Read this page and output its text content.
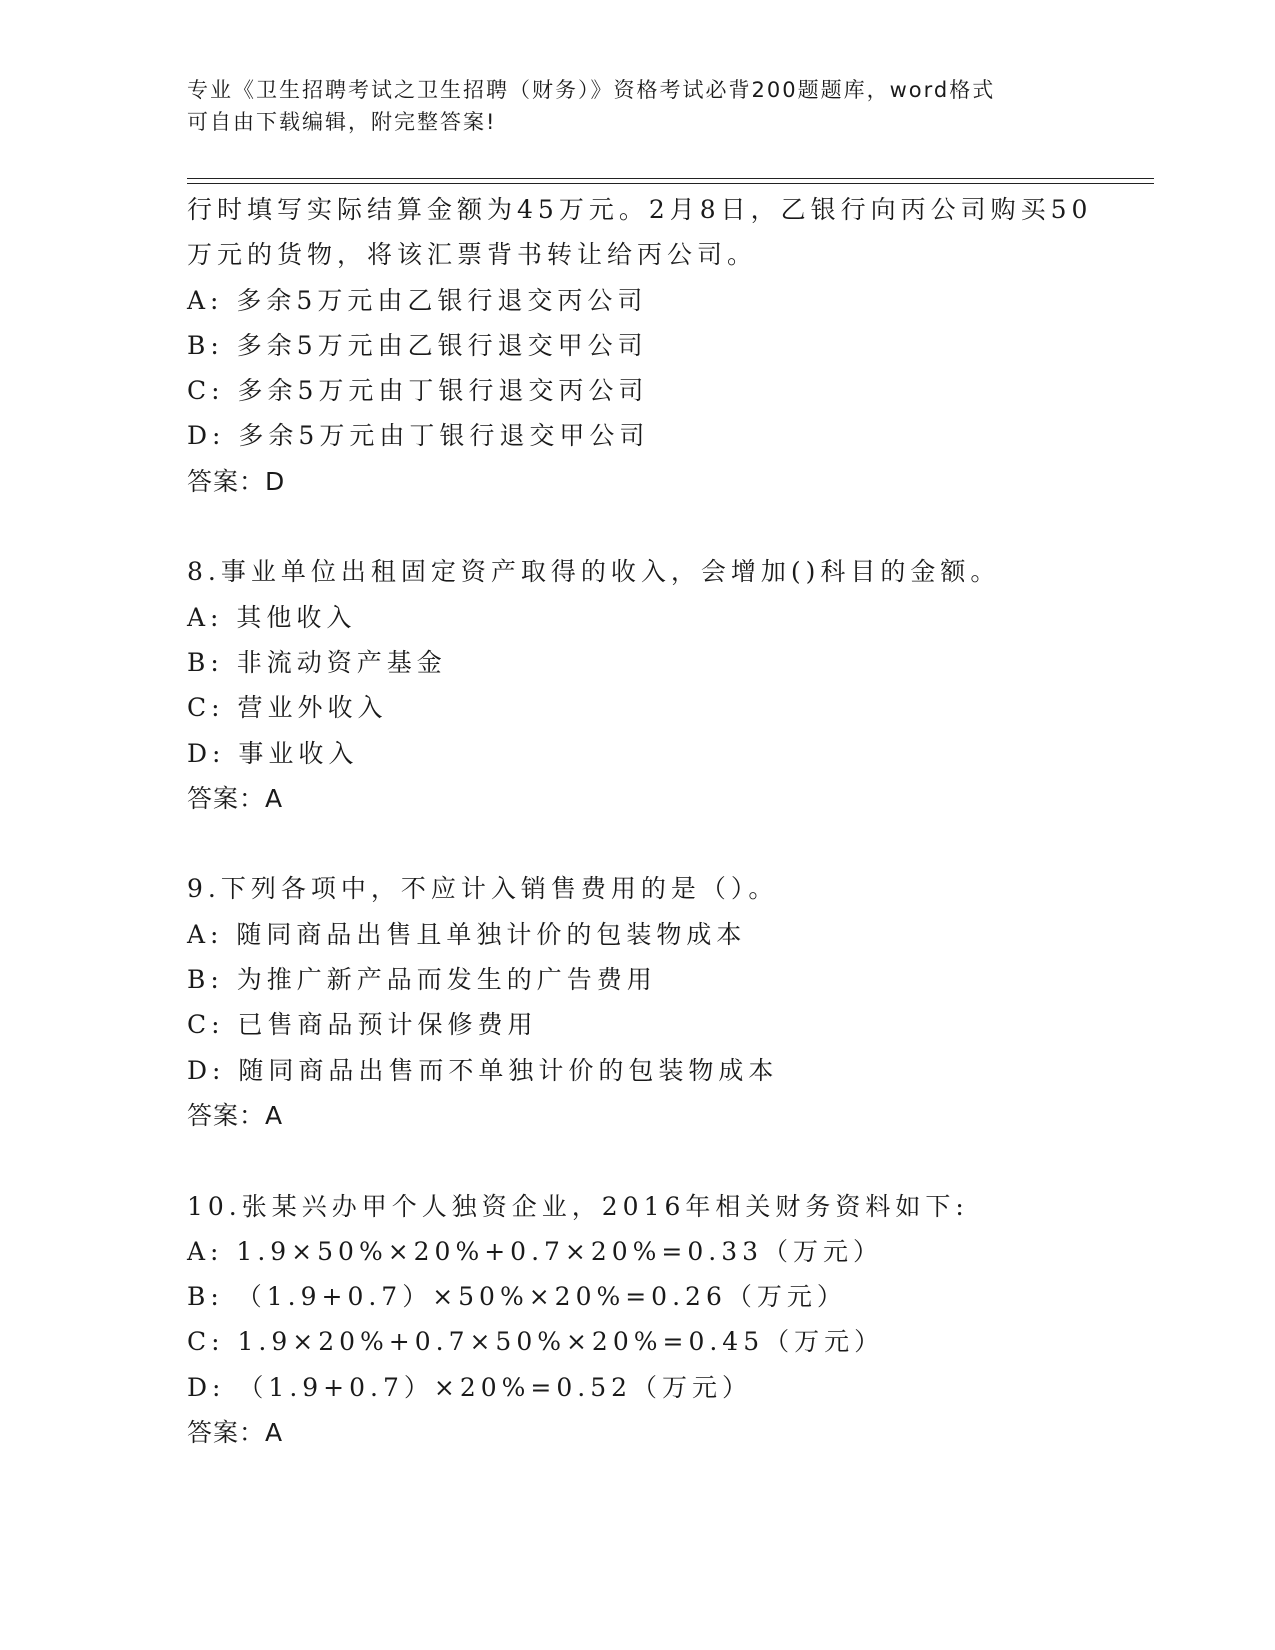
专业《卫生招聘考试之卫生招聘（财务）》资格考试必背200题题库，word格式
可自由下载编辑，附完整答案!
行时填写实际结算金额为45万元。2月8日，乙银行向丙公司购买50
万元的货物，将该汇票背书转让给丙公司。
A: 多余5万元由乙银行退交丙公司
B: 多余5万元由乙银行退交甲公司
C: 多余5万元由丁银行退交丙公司
D: 多余5万元由丁银行退交甲公司
答案：D
8.事业单位出租固定资产取得的收入，会增加()科目的金额。
A: 其他收入
B: 非流动资产基金
C: 营业外收入
D: 事业收入
答案：A
9.下列各项中，不应计入销售费用的是（）。
A: 随同商品出售且单独计价的包装物成本
B: 为推广新产品而发生的广告费用
C: 已售商品预计保修费用
D: 随同商品出售而不单独计价的包装物成本
答案：A
10.张某兴办甲个人独资企业，2016年相关财务资料如下:
A: 1.9×50%×20%+0.7×20%=0.33（万元）
B: （1.9+0.7）×50%×20%=0.26（万元）
C: 1.9×20%+0.7×50%×20%=0.45（万元）
D: （1.9+0.7）×20%=0.52（万元）
答案：A
